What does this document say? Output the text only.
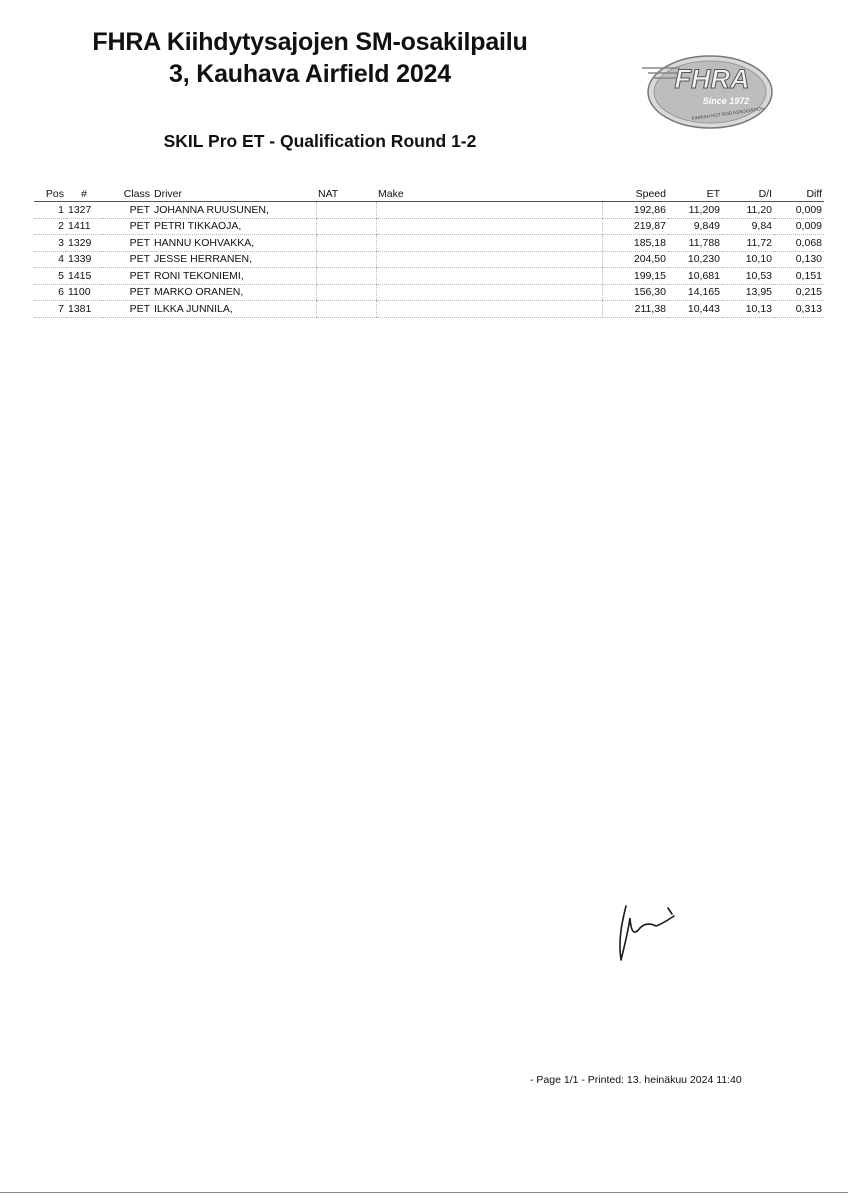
FHRA Kiihdytysajojen SM-osakilpailu
3, Kauhava Airfield 2024	FHRA
Since 1972
FINNISH HOT ROD ASSOCIATION
SKIL Pro ET - Qualification Round 1-2
Pos	#	Class	Driver	NAT	Make	Speed	ET	D/I	Diff
1	1327	PET	JOHANNA RUUSUNEN,			192,86	11,209	11,20	0,009
2	1411	PET	PETRI TIKKAOJA,			219,87	9,849	9,84	0,009
3	1329	PET	HANNU KOHVAKKA,			185,18	11,788	11,72	0,068
4	1339	PET	JESSE HERRANEN,			204,50	10,230	10,10	0,130
5	1415	PET	RONI TEKONIEMI,			199,15	10,681	10,53	0,151
6	1100	PET	MARKO ORANEN,			156,30	14,165	13,95	0,215
7	1381	PET	ILKKA JUNNILA,			211,38	10,443	10,13	0,313
- Page 1/1 - Printed: 13. heinäkuu 2024 11:40
